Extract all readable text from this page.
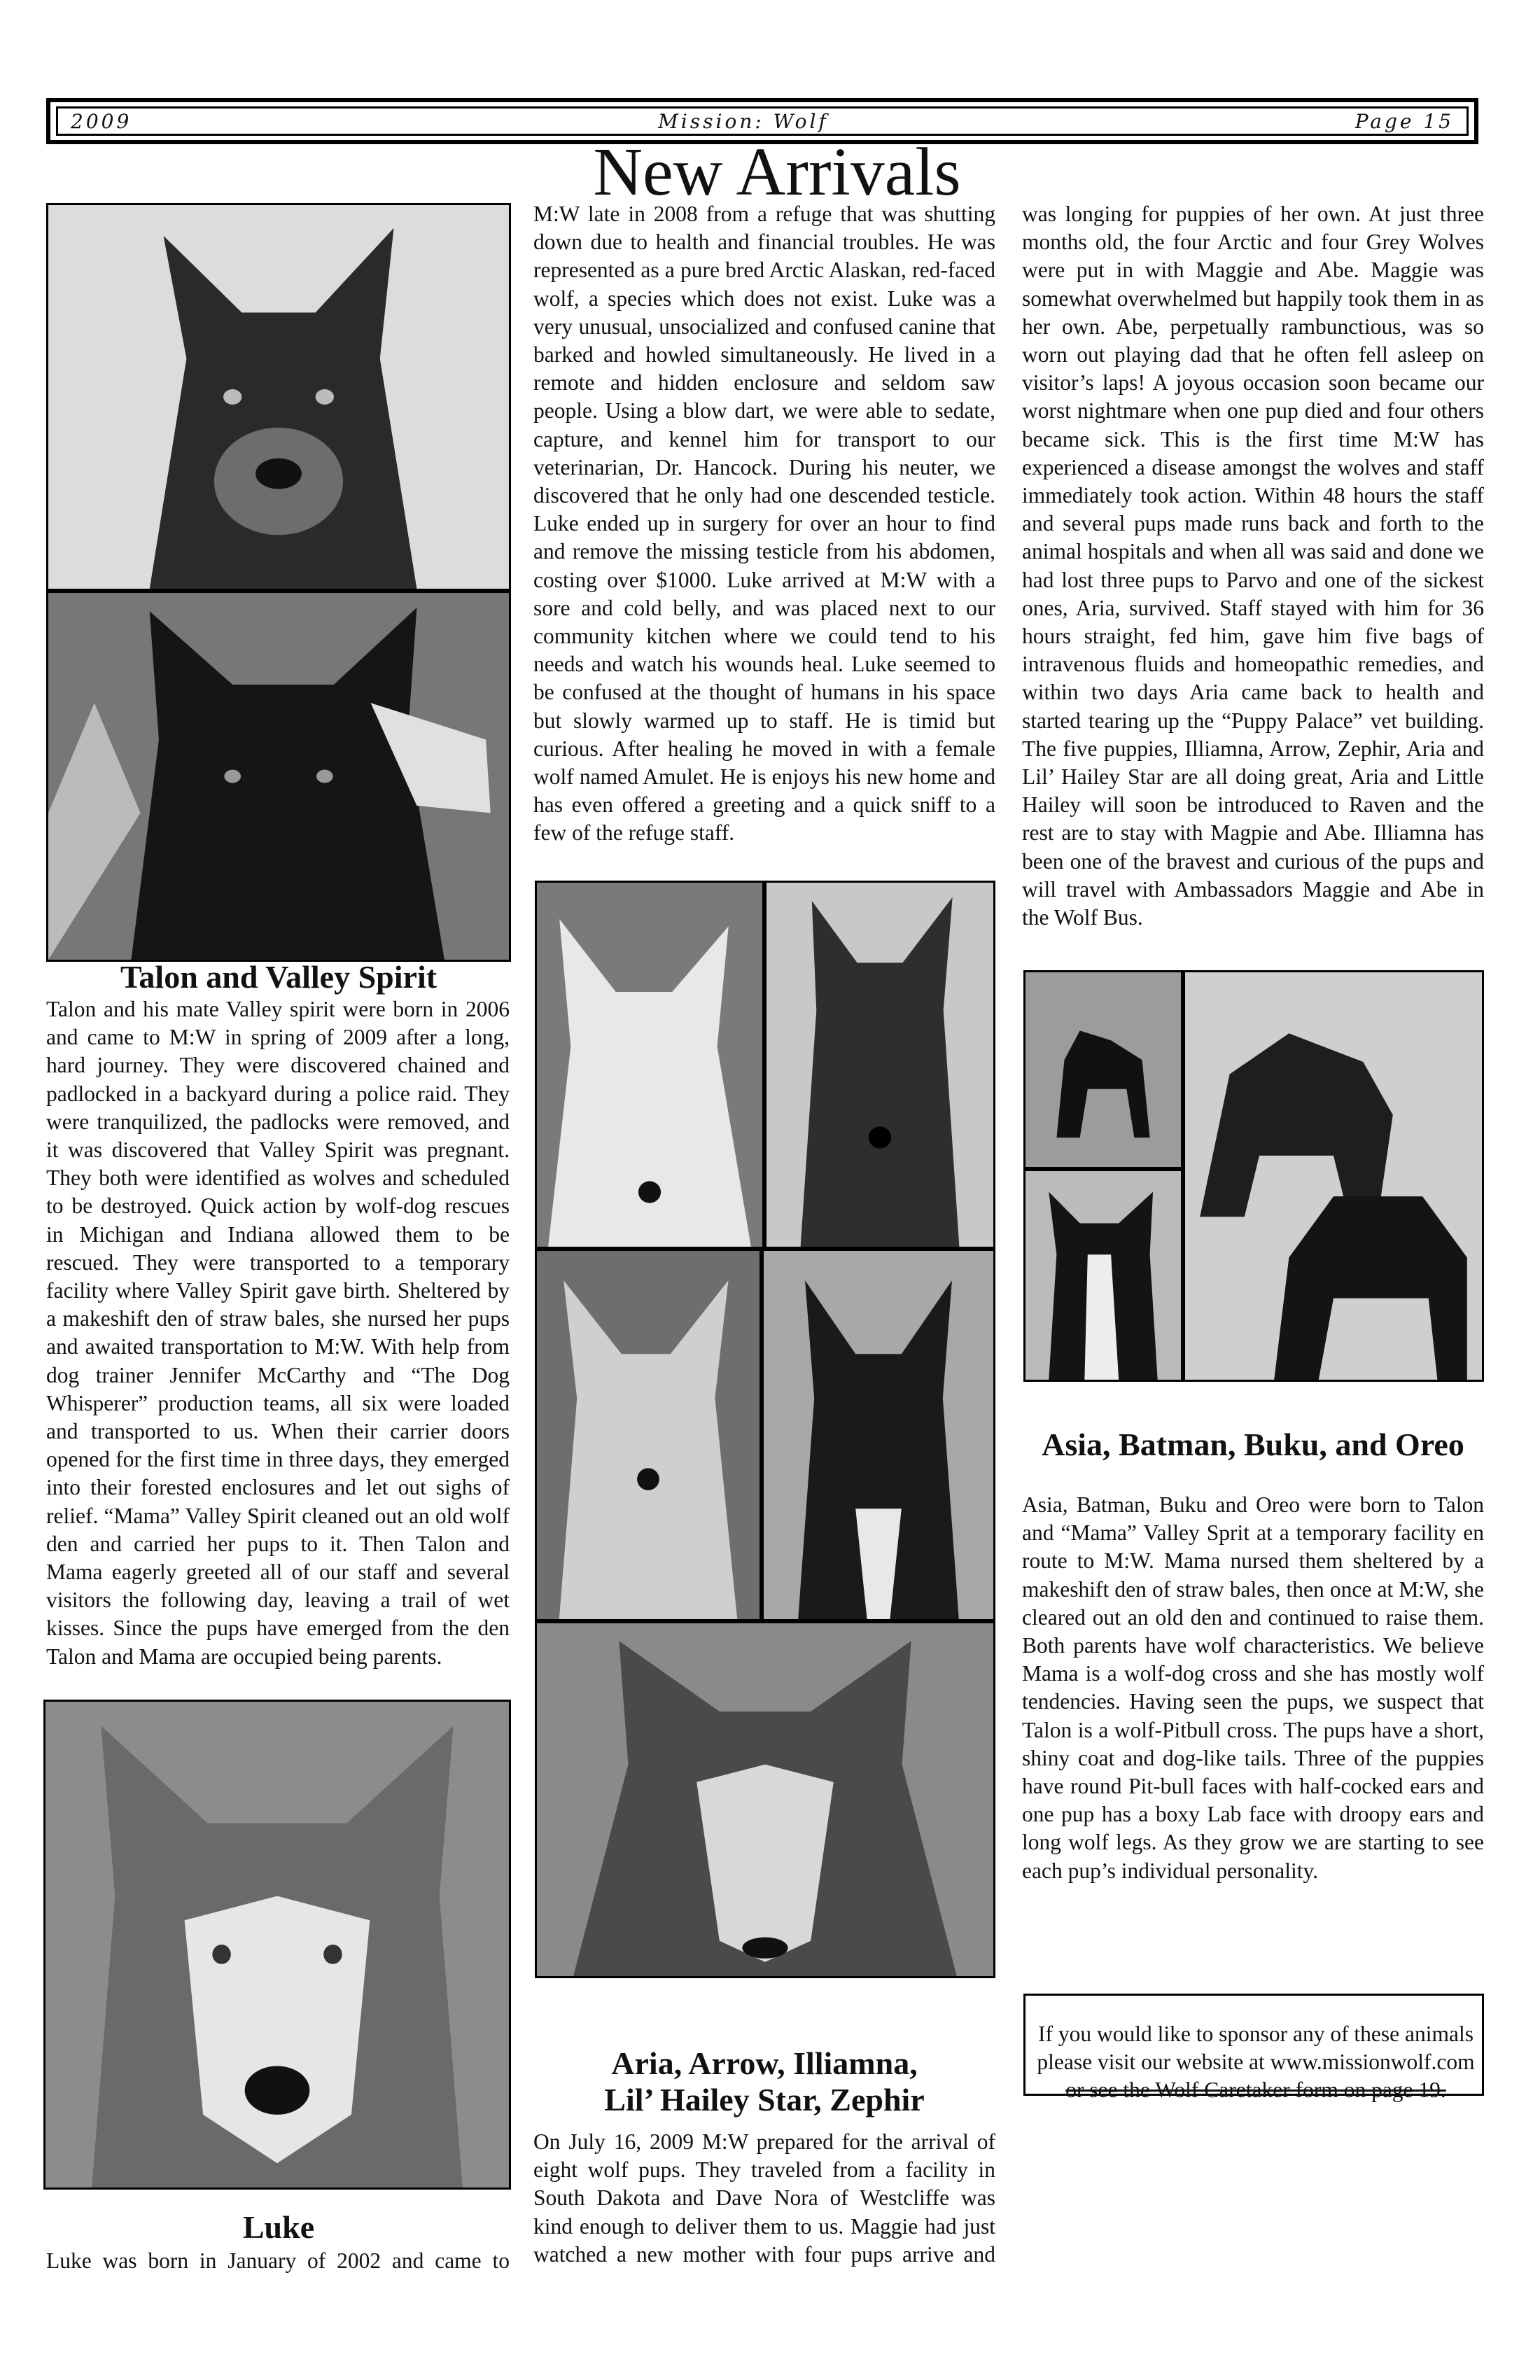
2009	Mission: Wolf	Page 15
New Arrivals
Talon and Valley Spirit

Talon and his mate Valley spirit were born in 2006 and came to M:W in spring of 2009 after a long, hard journey. They were discovered chained and padlocked in a backyard during a police raid. They were tranquilized, the padlocks were removed, and it was discovered that Valley Spirit was pregnant. They both were identified as wolves and scheduled to be destroyed. Quick action by wolf-dog rescues in Michigan and Indiana allowed them to be rescued. They were transported to a temporary facility where Valley Spirit gave birth. Sheltered by a makeshift den of straw bales, she nursed her pups and awaited transportation to M:W. With help from dog trainer Jennifer McCarthy and “The Dog Whisperer” production teams, all six were loaded and transported to us. When their carrier doors opened for the first time in three days, they emerged into their forested enclosures and let out sighs of relief. “Mama” Valley Spirit cleaned out an old wolf den and carried her pups to it. Then Talon and Mama eagerly greeted all of our staff and several visitors the following day, leaving a trail of wet kisses. Since the pups have emerged from the den Talon and Mama are occupied being parents.

Luke

Luke was born in January of 2002 and came to

M:W late in 2008 from a refuge that was shutting down due to health and financial troubles. He was represented as a pure bred Arctic Alaskan, red-faced wolf, a species which does not exist. Luke was a very unusual, unsocialized and confused canine that barked and howled simultaneously. He lived in a remote and hidden enclosure and seldom saw people. Using a blow dart, we were able to sedate, capture, and kennel him for transport to our veterinarian, Dr. Hancock. During his neuter, we discovered that he only had one descended testicle. Luke ended up in surgery for over an hour to find and remove the missing testicle from his abdomen, costing over $1000. Luke arrived at M:W with a sore and cold belly, and was placed next to our community kitchen where we could tend to his needs and watch his wounds heal. Luke seemed to be confused at the thought of humans in his space but slowly warmed up to staff. He is timid but curious. After healing he moved in with a female wolf named Amulet. He is enjoys his new home and has even offered a greeting and a quick sniff to a few of the refuge staff.

Aria, Arrow, Illiamna,
Lil’ Hailey Star, Zephir

On July 16, 2009 M:W prepared for the arrival of eight wolf pups. They traveled from a facility in South Dakota and Dave Nora of Westcliffe was kind enough to deliver them to us. Maggie had just watched a new mother with four pups arrive and

was longing for puppies of her own. At just three months old, the four Arctic and four Grey Wolves were put in with Maggie and Abe. Maggie was somewhat overwhelmed but happily took them in as her own. Abe, perpetually rambunctious, was so worn out playing dad that he often fell asleep on visitor’s laps! A joyous occasion soon became our worst nightmare when one pup died and four others became sick. This is the first time M:W has experienced a disease amongst the wolves and staff immediately took action. Within 48 hours the staff and several pups made runs back and forth to the animal hospitals and when all was said and done we had lost three pups to Parvo and one of the sickest ones, Aria, survived. Staff stayed with him for 36 hours straight, fed him, gave him five bags of intravenous fluids and homeopathic remedies, and within two days Aria came back to health and started tearing up the “Puppy Palace” vet building. The five puppies, Illiamna, Arrow, Zephir, Aria and Lil’ Hailey Star are all doing great, Aria and Little Hailey will soon be introduced to Raven and the rest are to stay with Magpie and Abe. Illiamna has been one of the bravest and curious of the pups and will travel with Ambassadors Maggie and Abe in the Wolf Bus.

Asia, Batman, Buku, and Oreo

Asia, Batman, Buku and Oreo were born to Talon and “Mama” Valley Sprit at a temporary facility en route to M:W. Mama nursed them sheltered by a makeshift den of straw bales, then once at M:W, she cleared out an old den and continued to raise them. Both parents have wolf characteristics. We believe Mama is a wolf-dog cross and she has mostly wolf tendencies. Having seen the pups, we suspect that Talon is a wolf-Pitbull cross. The pups have a short, shiny coat and dog-like tails. Three of the puppies have round Pit-bull faces with half-cocked ears and one pup has a boxy Lab face with droopy ears and long wolf legs. As they grow we are starting to see each pup’s individual personality.

If you would like to sponsor any of these animals
please visit our website at www.missionwolf.com
or see the Wolf Caretaker form on page 19.
